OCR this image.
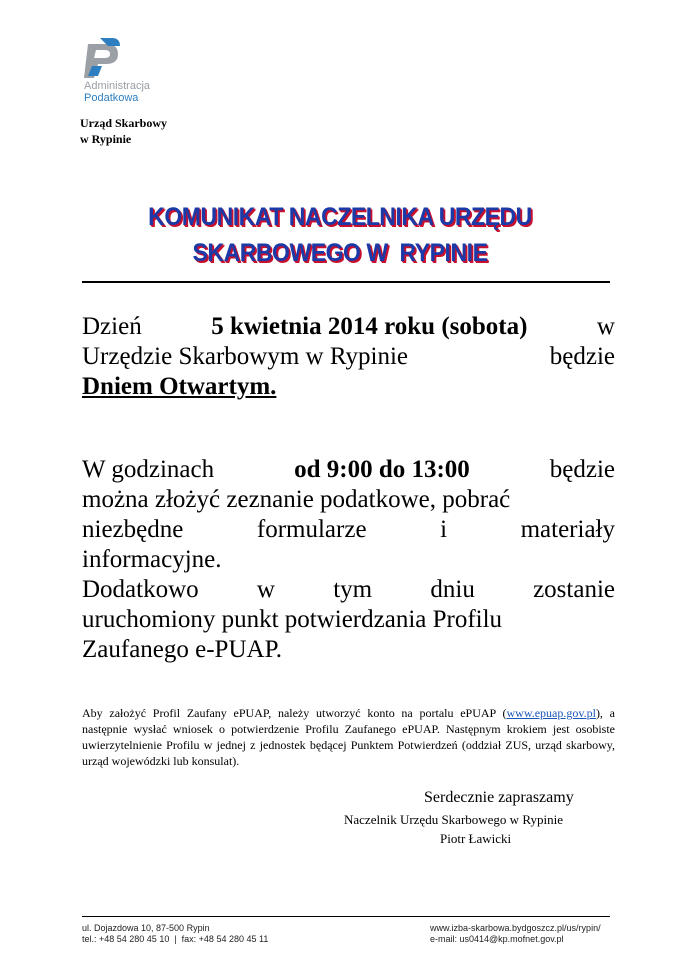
Administracja
Podatkowa
Urząd Skarbowy
w Rypinie
KOMUNIKAT NACZELNIKA URZĘDU
SKARBOWEGO W  RYPINIE
Dzień	5 kwietnia 2014 roku (sobota)	w
Urzędzie Skarbowym w Rypinie	będzie
Dniem Otwartym.
W godzinach	od 9:00 do 13:00	będzie
można złożyć zeznanie podatkowe, pobrać
niezbędne	formularze	i	materiały
informacyjne.
Dodatkowo w tym dniu zostanie
uruchomiony punkt potwierdzania Profilu
Zaufanego e-PUAP.
Aby założyć Profil Zaufany ePUAP, należy utworzyć konto na portalu ePUAP (www.epuap.gov.pl), a następnie wysłać wniosek o potwierdzenie Profilu Zaufanego ePUAP. Następnym krokiem jest osobiste uwierzytelnienie Profilu w jednej z jednostek będącej Punktem Potwierdzeń (oddział ZUS, urząd skarbowy, urząd wojewódzki lub konsulat).
Serdecznie zapraszamy
Naczelnik Urzędu Skarbowego w Rypinie
Piotr Ławicki
ul. Dojazdowa 10, 87-500 Rypin
tel.: +48 54 280 45 10  |  fax: +48 54 280 45 11
www.izba-skarbowa.bydgoszcz.pl/us/rypin/
e-mail: us0414@kp.mofnet.gov.pl
